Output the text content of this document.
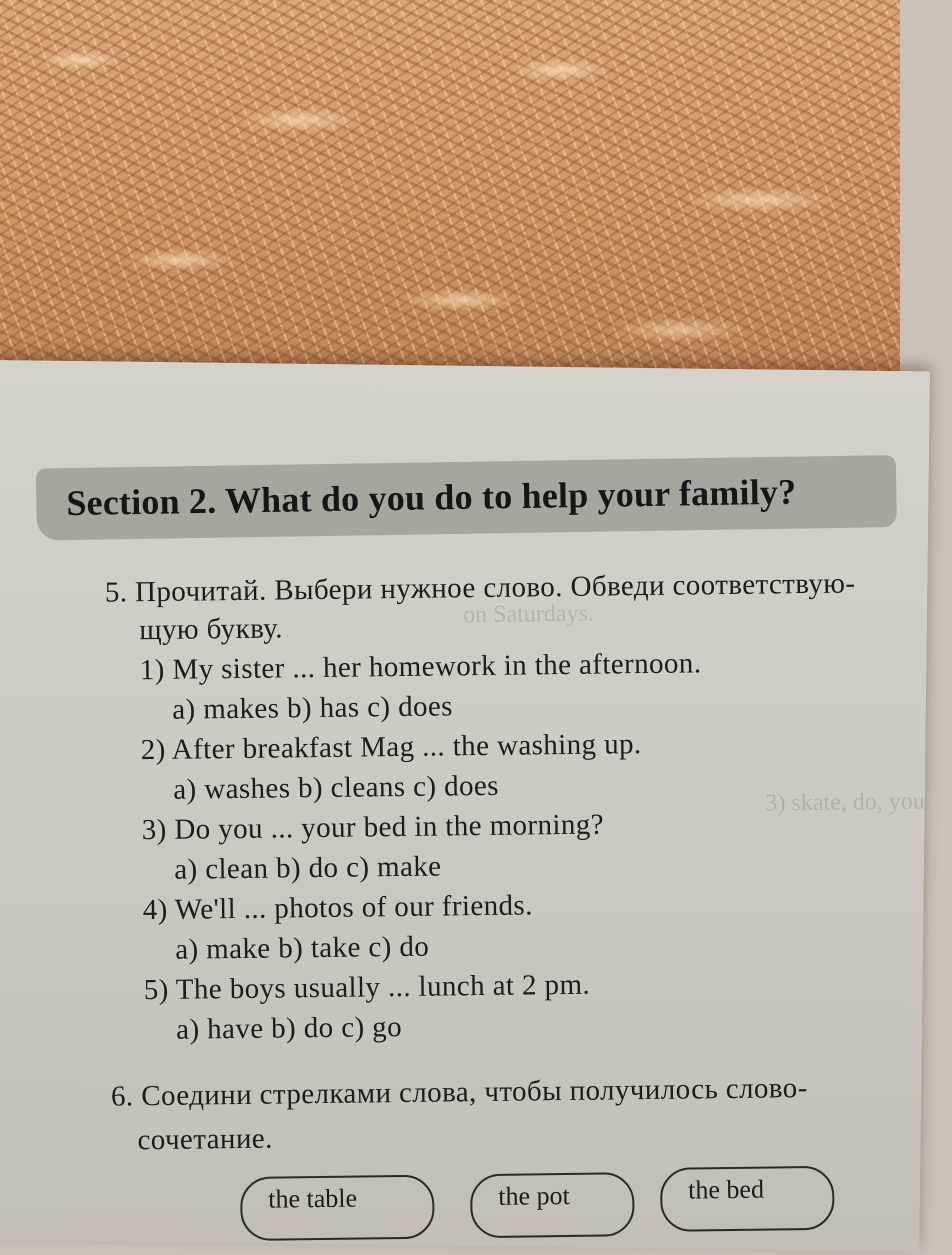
Section 2. What do you do to help your family?
on Saturdays.
3) skate, do, you
5. Прочитай. Выбери нужное слово. Обведи соответствую-
щую букву.
1) My sister ... her homework in the afternoon.
a) makes b) has c) does
2) After breakfast Mag ... the washing up.
a) washes b) cleans c) does
3) Do you ... your bed in the morning?
a) clean b) do c) make
4) We'll ... photos of our friends.
a) make b) take c) do
5) The boys usually ... lunch at 2 pm.
a) have b) do c) go
6. Соедини стрелками слова, чтобы получилось слово-
сочетание.
the table	the pot	the bed
